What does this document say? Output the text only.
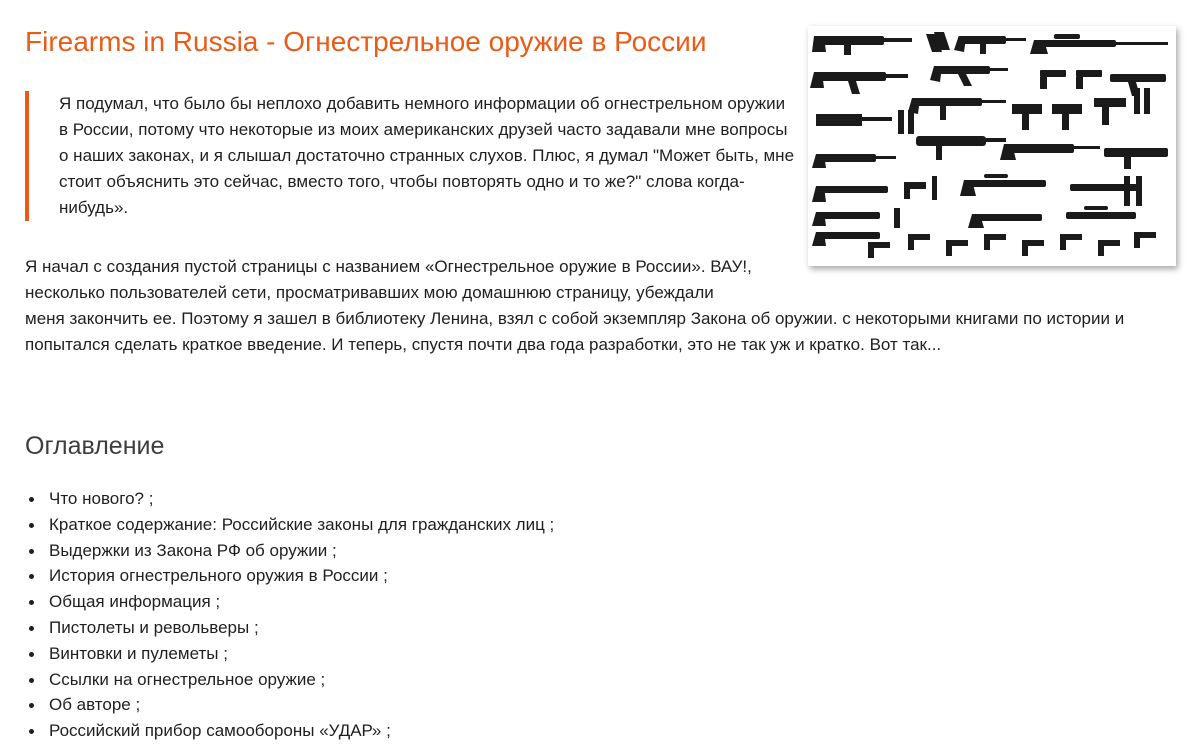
Firearms in Russia - Огнестрельное оружие в России

Я подумал, что было бы неплохо добавить немного информации об огнестрельном оружии в России, потому что некоторые из моих американских друзей часто задавали мне вопросы о наших законах, и я слышал достаточно странных слухов. Плюс, я думал "Может быть, мне стоит объяснить это сейчас, вместо того, чтобы повторять одно и то же?" слова когда-нибудь».

Я начал с создания пустой страницы с названием «Огнестрельное оружие в России». ВАУ!,
несколько пользователей сети, просматривавших мою домашнюю страницу, убеждали
меня закончить ее. Поэтому я зашел в библиотеку Ленина, взял с собой экземпляр Закона об оружии. с некоторыми книгами по истории и
попытался сделать краткое введение. И теперь, спустя почти два года разработки, это не так уж и кратко. Вот так...

Оглавление
Что нового? ;
Краткое содержание: Российские законы для гражданских лиц ;
Выдержки из Закона РФ об оружии ;
История огнестрельного оружия в России ;
Общая информация ;
Пистолеты и револьверы ;
Винтовки и пулеметы ;
Ссылки на огнестрельное оружие ;
Об авторе ;
Российский прибор самообороны «УДАР» ;
